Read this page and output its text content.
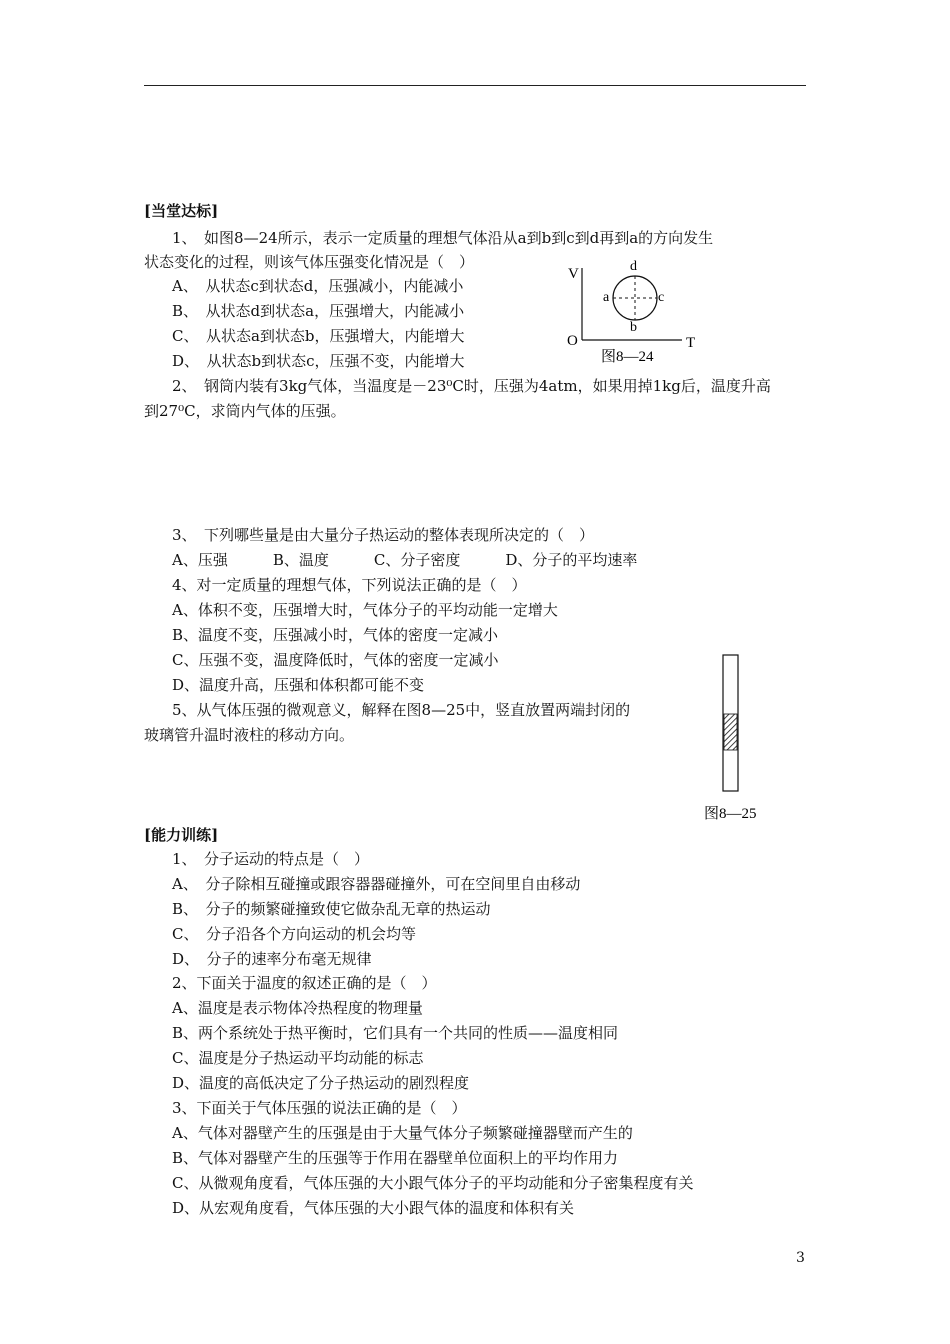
[当堂达标]
1、　如图8—24所示，表示一定质量的理想气体沿从a到b到c到d再到a的方向发生
状态变化的过程，则该气体压强变化情况是（　）
A、　从状态c到状态d，压强减小，内能减小
B、　从状态d到状态a，压强增大，内能减小
C、　从状态a到状态b，压强增大，内能增大
D、　从状态b到状态c，压强不变，内能增大
V
T
O
d
a	c
b
图8—24
2、　钢筒内装有3kg气体，当温度是－23⁰C时，压强为4atm，如果用掉1kg后，温度升高
到27⁰C，求筒内气体的压强。
3、　下列哪些量是由大量分子热运动的整体表现所决定的（　）
A、压强　　　B、温度　　　C、分子密度　　　D、分子的平均速率
4、对一定质量的理想气体，下列说法正确的是（　）
A、体积不变，压强增大时，气体分子的平均动能一定增大
B、温度不变，压强减小时，气体的密度一定减小
C、压强不变，温度降低时，气体的密度一定减小
D、温度升高，压强和体积都可能不变
5、从气体压强的微观意义，解释在图8—25中，竖直放置两端封闭的
玻璃管升温时液柱的移动方向。
图8—25
[能力训练]
1、　分子运动的特点是（　）
A、　分子除相互碰撞或跟容器器碰撞外，可在空间里自由移动
B、　分子的频繁碰撞致使它做杂乱无章的热运动
C、　分子沿各个方向运动的机会均等
D、　分子的速率分布毫无规律
2、下面关于温度的叙述正确的是（　）
A、温度是表示物体冷热程度的物理量
B、两个系统处于热平衡时，它们具有一个共同的性质——温度相同
C、温度是分子热运动平均动能的标志
D、温度的高低决定了分子热运动的剧烈程度
3、下面关于气体压强的说法正确的是（　）
A、气体对器壁产生的压强是由于大量气体分子频繁碰撞器壁而产生的
B、气体对器壁产生的压强等于作用在器壁单位面积上的平均作用力
C、从微观角度看，气体压强的大小跟气体分子的平均动能和分子密集程度有关
D、从宏观角度看，气体压强的大小跟气体的温度和体积有关
3
